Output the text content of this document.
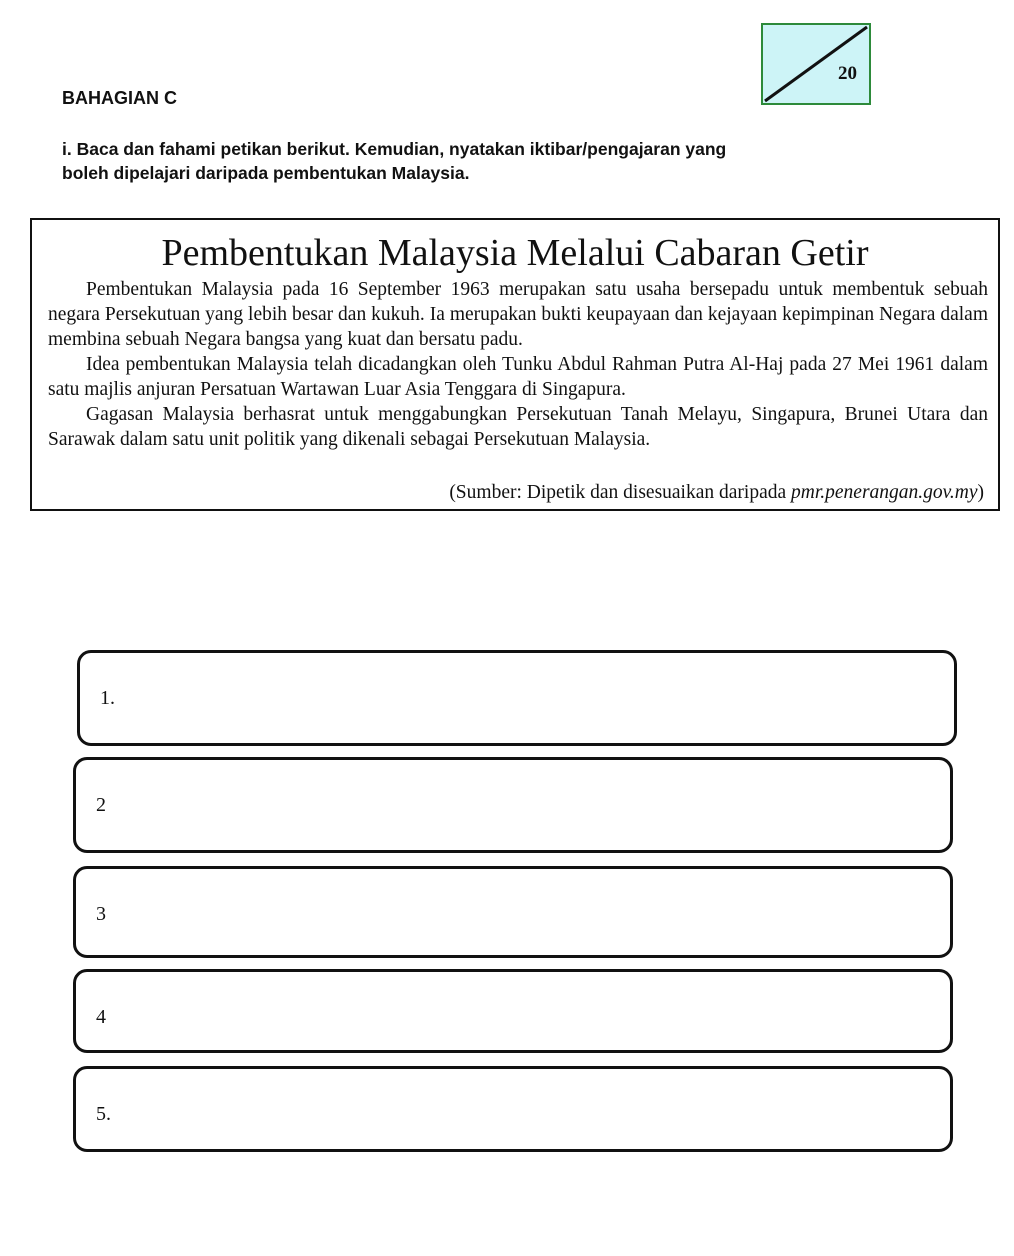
20
BAHAGIAN C
i. Baca dan fahami petikan berikut. Kemudian, nyatakan iktibar/pengajaran yang
boleh dipelajari daripada pembentukan Malaysia.
Pembentukan Malaysia Melalui Cabaran Getir

Pembentukan Malaysia pada 16 September 1963 merupakan satu usaha bersepadu untuk membentuk sebuah negara Persekutuan yang lebih besar dan kukuh. Ia merupakan bukti keupayaan dan kejayaan kepimpinan Negara dalam membina sebuah Negara bangsa yang kuat dan bersatu padu.

Idea pembentukan Malaysia telah dicadangkan oleh Tunku Abdul Rahman Putra Al-Haj pada 27 Mei 1961 dalam satu majlis anjuran Persatuan Wartawan Luar Asia Tenggara di Singapura.

Gagasan Malaysia berhasrat untuk menggabungkan Persekutuan Tanah Melayu, Singapura, Brunei Utara dan Sarawak dalam satu unit politik yang dikenali sebagai Persekutuan Malaysia.

(Sumber: Dipetik dan disesuaikan daripada pmr.penerangan.gov.my)
1.
2
3
4
5.
